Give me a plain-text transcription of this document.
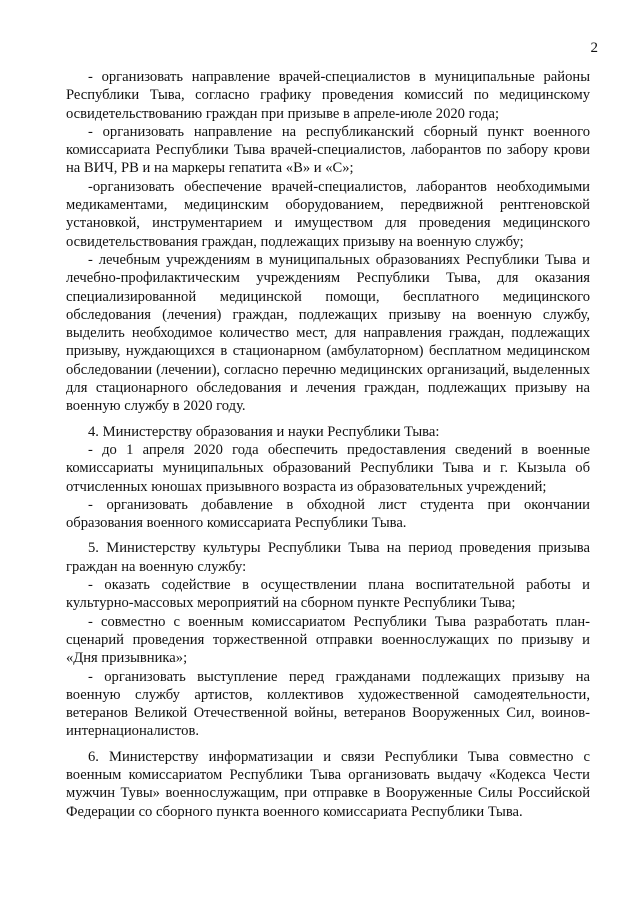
2

- организовать направление врачей-специалистов в муниципальные районы Республики Тыва, согласно графику проведения комиссий по медицинскому освидетельствованию граждан при призыве в апреле-июле 2020 года;

- организовать направление на республиканский сборный пункт военного комиссариата Республики Тыва врачей-специалистов, лаборантов по забору крови на ВИЧ, РВ и на маркеры гепатита «В» и «С»;

-организовать обеспечение врачей-специалистов, лаборантов необходимыми медикаментами, медицинским оборудованием, передвижной рентгеновской установкой, инструментарием и имуществом для проведения медицинского освидетельствования граждан, подлежащих призыву на военную службу;

- лечебным учреждениям в муниципальных образованиях Республики Тыва и лечебно-профилактическим учреждениям Республики Тыва, для оказания специализированной медицинской помощи, бесплатного медицинского обследования (лечения) граждан, подлежащих призыву на военную службу, выделить необходимое количество мест, для направления граждан, подлежащих призыву, нуждающихся в стационарном (амбулаторном) бесплатном медицинском обследовании (лечении), согласно перечню медицинских организаций, выделенных для стационарного обследования и лечения граждан, подлежащих призыву на военную службу в 2020 году.

4. Министерству образования и науки Республики Тыва:

- до 1 апреля 2020 года обеспечить предоставления сведений в военные комиссариаты муниципальных образований Республики Тыва и г. Кызыла об отчисленных юношах призывного возраста из образовательных учреждений;

- организовать добавление в обходной лист студента при окончании образования военного комиссариата Республики Тыва.

5. Министерству культуры Республики Тыва на период проведения призыва граждан на военную службу:

- оказать содействие в осуществлении плана воспитательной работы и культурно-массовых мероприятий на сборном пункте Республики Тыва;

- совместно с военным комиссариатом Республики Тыва разработать план-сценарий проведения торжественной отправки военнослужащих по призыву и «Дня призывника»;

- организовать выступление перед гражданами подлежащих призыву на военную службу артистов, коллективов художественной самодеятельности, ветеранов Великой Отечественной войны, ветеранов Вооруженных Сил, воинов-интернационалистов.

6. Министерству информатизации и связи Республики Тыва совместно с военным комиссариатом Республики Тыва организовать выдачу «Кодекса Чести мужчин Тувы» военнослужащим, при отправке в Вооруженные Силы Российской Федерации со сборного пункта военного комиссариата Республики Тыва.
